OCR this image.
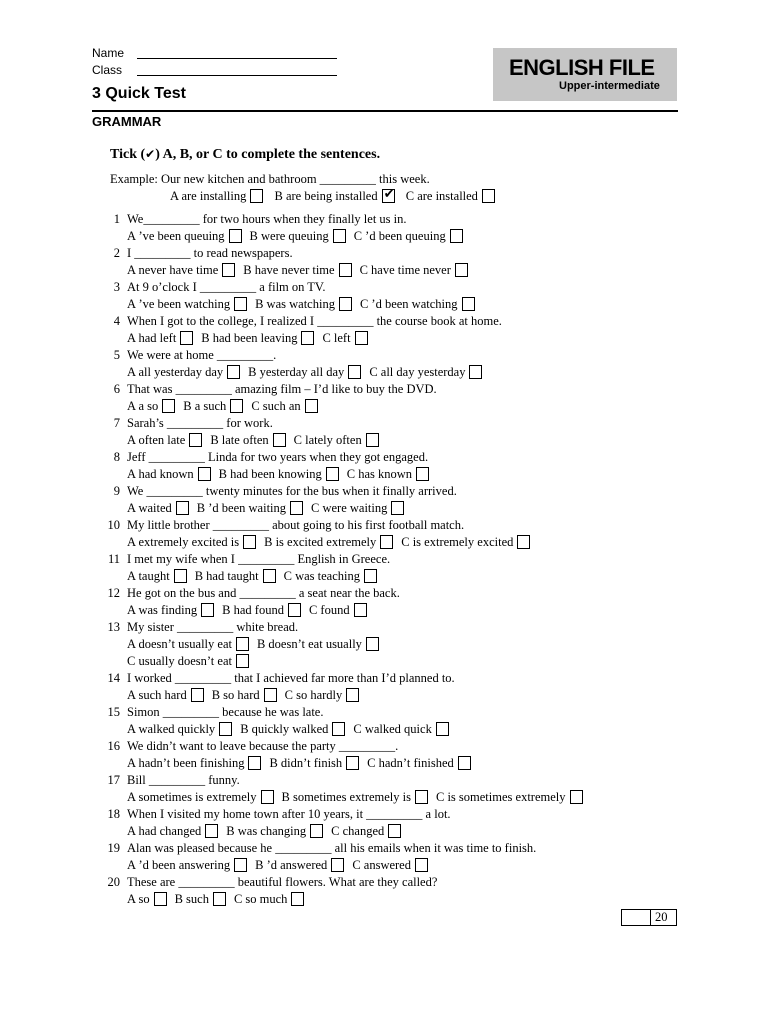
Name
Class	ENGLISH FILE
Upper-intermediate
3 Quick Test
GRAMMAR
Tick (✔) A, B, or C to complete the sentences.
Example: Our new kitchen and bathroom _________ this week.
A are installing B are being installed ✔ C are installed
1 We_________ for two hours when they finally let us in.
A ’ve been queuing B were queuing C ’d been queuing
2 I _________ to read newspapers.
A never have time B have never time C have time never
3 At 9 o’clock I _________ a film on TV.
A ’ve been watching B was watching C ’d been watching
4 When I got to the college, I realized I _________ the course book at home.
A had left B had been leaving C left
5 We were at home _________.
A all yesterday day B yesterday all day C all day yesterday
6 That was _________ amazing film – I’d like to buy the DVD.
A a so B a such C such an
7 Sarah’s _________ for work.
A often late B late often C lately often
8 Jeff _________ Linda for two years when they got engaged.
A had known B had been knowing C has known
9 We _________ twenty minutes for the bus when it finally arrived.
A waited B ’d been waiting C were waiting
10 My little brother _________ about going to his first football match.
A extremely excited is B is excited extremely C is extremely excited
11 I met my wife when I _________ English in Greece.
A taught B had taught C was teaching
12 He got on the bus and _________ a seat near the back.
A was finding B had found C found
13 My sister _________ white bread.
A doesn’t usually eat B doesn’t eat usually
C usually doesn’t eat
14 I worked _________ that I achieved far more than I’d planned to.
A such hard B so hard C so hardly
15 Simon _________ because he was late.
A walked quickly B quickly walked C walked quick
16 We didn’t want to leave because the party _________.
A hadn’t been finishing B didn’t finish C hadn’t finished
17 Bill _________ funny.
A sometimes is extremely B sometimes extremely is C is sometimes extremely
18 When I visited my home town after 10 years, it _________ a lot.
A had changed B was changing C changed
19 Alan was pleased because he _________ all his emails when it was time to finish.
A ’d been answering B ’d answered C answered
20 These are _________ beautiful flowers. What are they called?
A so B such C so much
20
